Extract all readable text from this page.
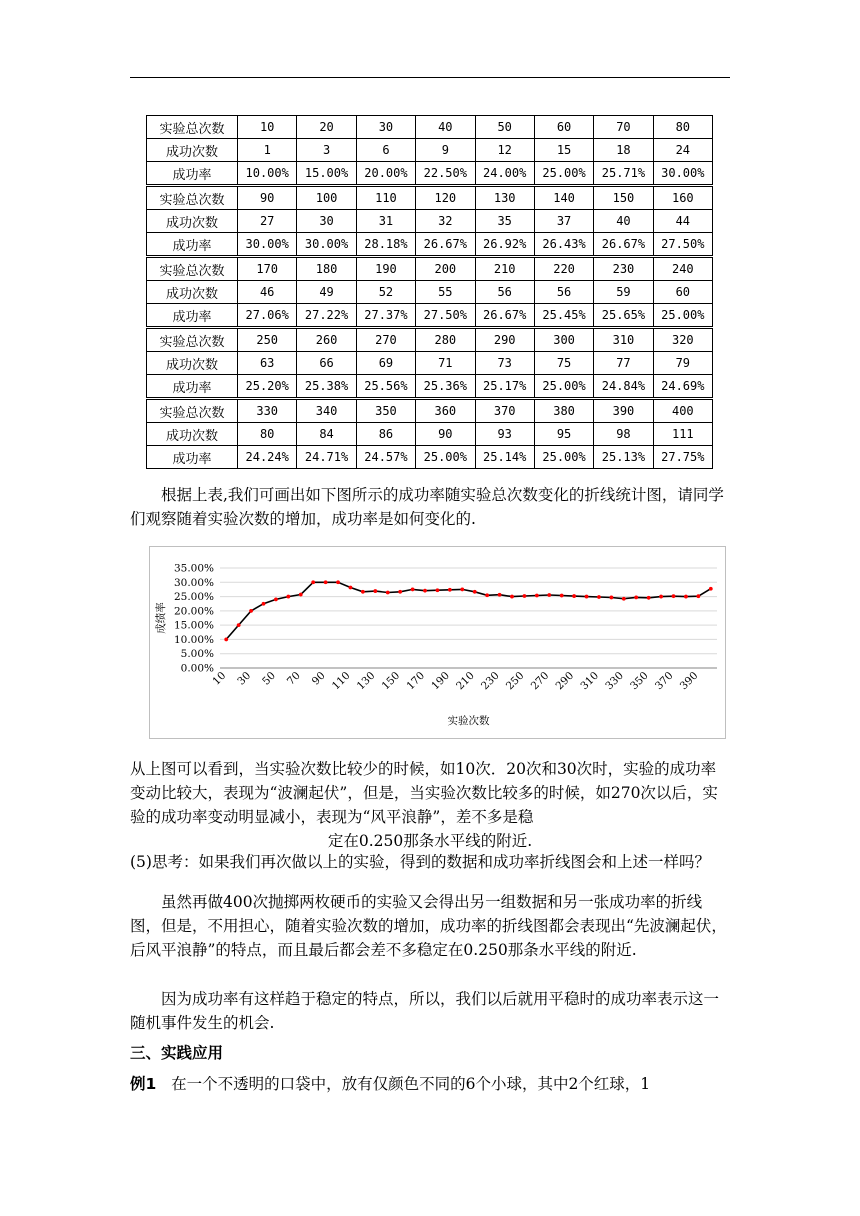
实验总次数	10	20	30	40	50	60	70	80
成功次数	1	3	6	9	12	15	18	24
成功率	10.00%	15.00%	20.00%	22.50%	24.00%	25.00%	25.71%	30.00%
实验总次数	90	100	110	120	130	140	150	160
成功次数	27	30	31	32	35	37	40	44
成功率	30.00%	30.00%	28.18%	26.67%	26.92%	26.43%	26.67%	27.50%
实验总次数	170	180	190	200	210	220	230	240
成功次数	46	49	52	55	56	56	59	60
成功率	27.06%	27.22%	27.37%	27.50%	26.67%	25.45%	25.65%	25.00%
实验总次数	250	260	270	280	290	300	310	320
成功次数	63	66	69	71	73	75	77	79
成功率	25.20%	25.38%	25.56%	25.36%	25.17%	25.00%	24.84%	24.69%
实验总次数	330	340	350	360	370	380	390	400
成功次数	80	84	86	90	93	95	98	111
成功率	24.24%	24.71%	24.57%	25.00%	25.14%	25.00%	25.13%	27.75%

根据上表,我们可画出如下图所示的成功率随实验总次数变化的折线统计图，请同学们观察随着实验次数的增加，成功率是如何变化的.

0.00%
5.00%
10.00%
15.00%
20.00%
25.00%
30.00%
35.00%
10 30 50 70 90 110 130 150 170 190 210 230 250 270 290 310 330 350 370 390
实验次数
成绩率

从上图可以看到，当实验次数比较少的时候，如10次．20次和30次时，实验的成功率变动比较大，表现为“波澜起伏”，但是，当实验次数比较多的时候，如270次以后，实验的成功率变动明显减小，表现为“风平浪静”，差不多是稳

定在0.250那条水平线的附近.

(5)思考：如果我们再次做以上的实验，得到的数据和成功率折线图会和上述一样吗？

虽然再做400次抛掷两枚硬币的实验又会得出另一组数据和另一张成功率的折线图，但是，不用担心，随着实验次数的增加，成功率的折线图都会表现出“先波澜起伏，后风平浪静”的特点，而且最后都会差不多稳定在0.250那条水平线的附近.

因为成功率有这样趋于稳定的特点，所以，我们以后就用平稳时的成功率表示这一随机事件发生的机会.

三、实践应用

例1 在一个不透明的口袋中，放有仅颜色不同的6个小球，其中2个红球，1
